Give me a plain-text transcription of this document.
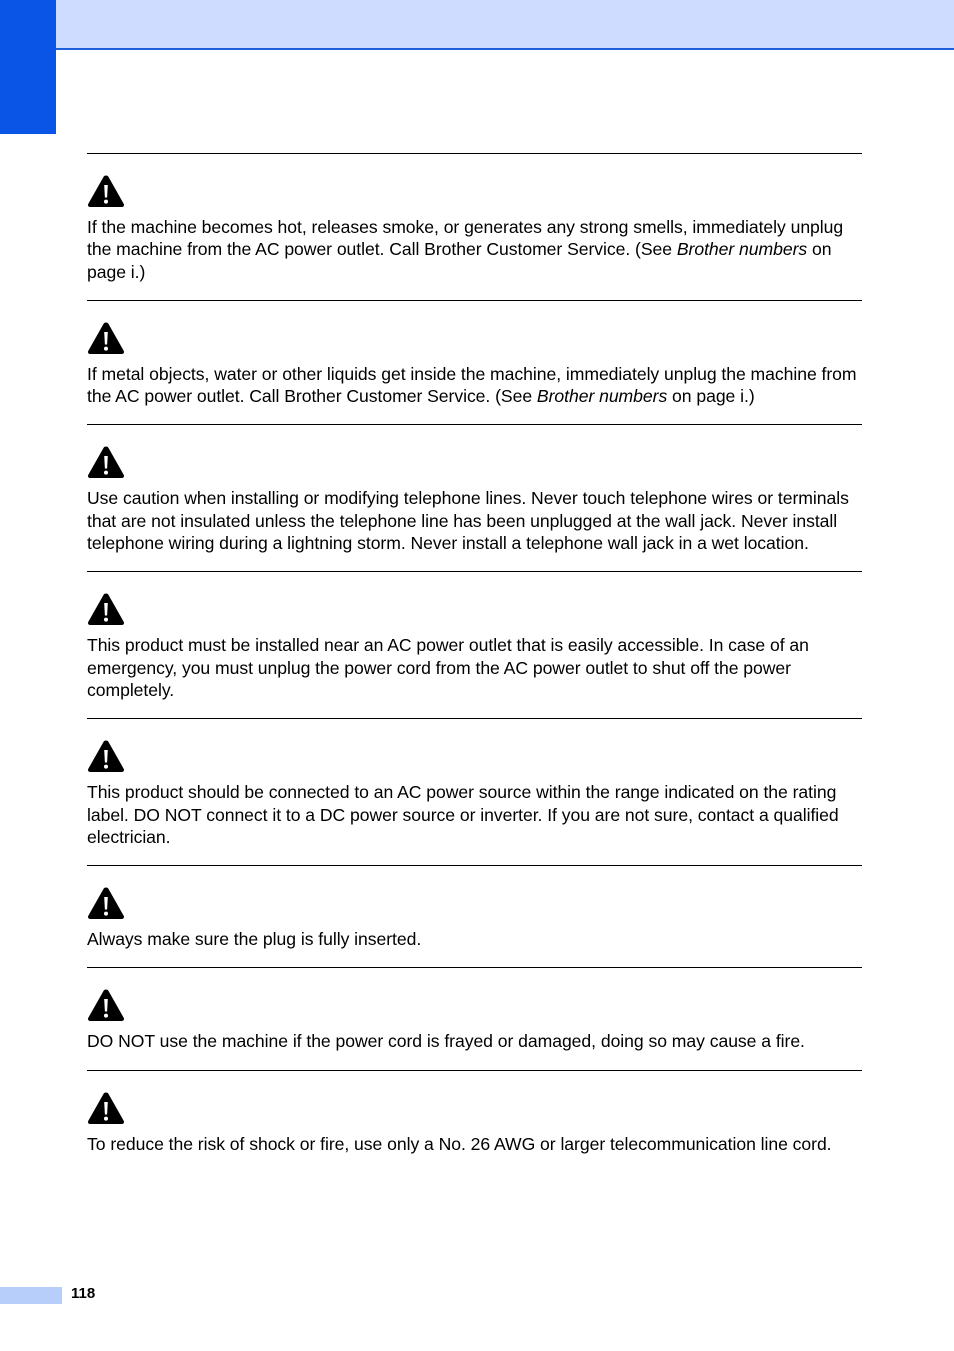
If the machine becomes hot, releases smoke, or generates any strong smells, immediately unplug the machine from the AC power outlet. Call Brother Customer Service. (See Brother numbers on page i.)

If metal objects, water or other liquids get inside the machine, immediately unplug the machine from the AC power outlet. Call Brother Customer Service. (See Brother numbers on page i.)

Use caution when installing or modifying telephone lines. Never touch telephone wires or terminals that are not insulated unless the telephone line has been unplugged at the wall jack. Never install telephone wiring during a lightning storm. Never install a telephone wall jack in a wet location.

This product must be installed near an AC power outlet that is easily accessible. In case of an emergency, you must unplug the power cord from the AC power outlet to shut off the power completely.

This product should be connected to an AC power source within the range indicated on the rating label. DO NOT connect it to a DC power source or inverter. If you are not sure, contact a qualified electrician.

Always make sure the plug is fully inserted.

DO NOT use the machine if the power cord is frayed or damaged, doing so may cause a fire.

To reduce the risk of shock or fire, use only a No. 26 AWG or larger telecommunication line cord.

118
